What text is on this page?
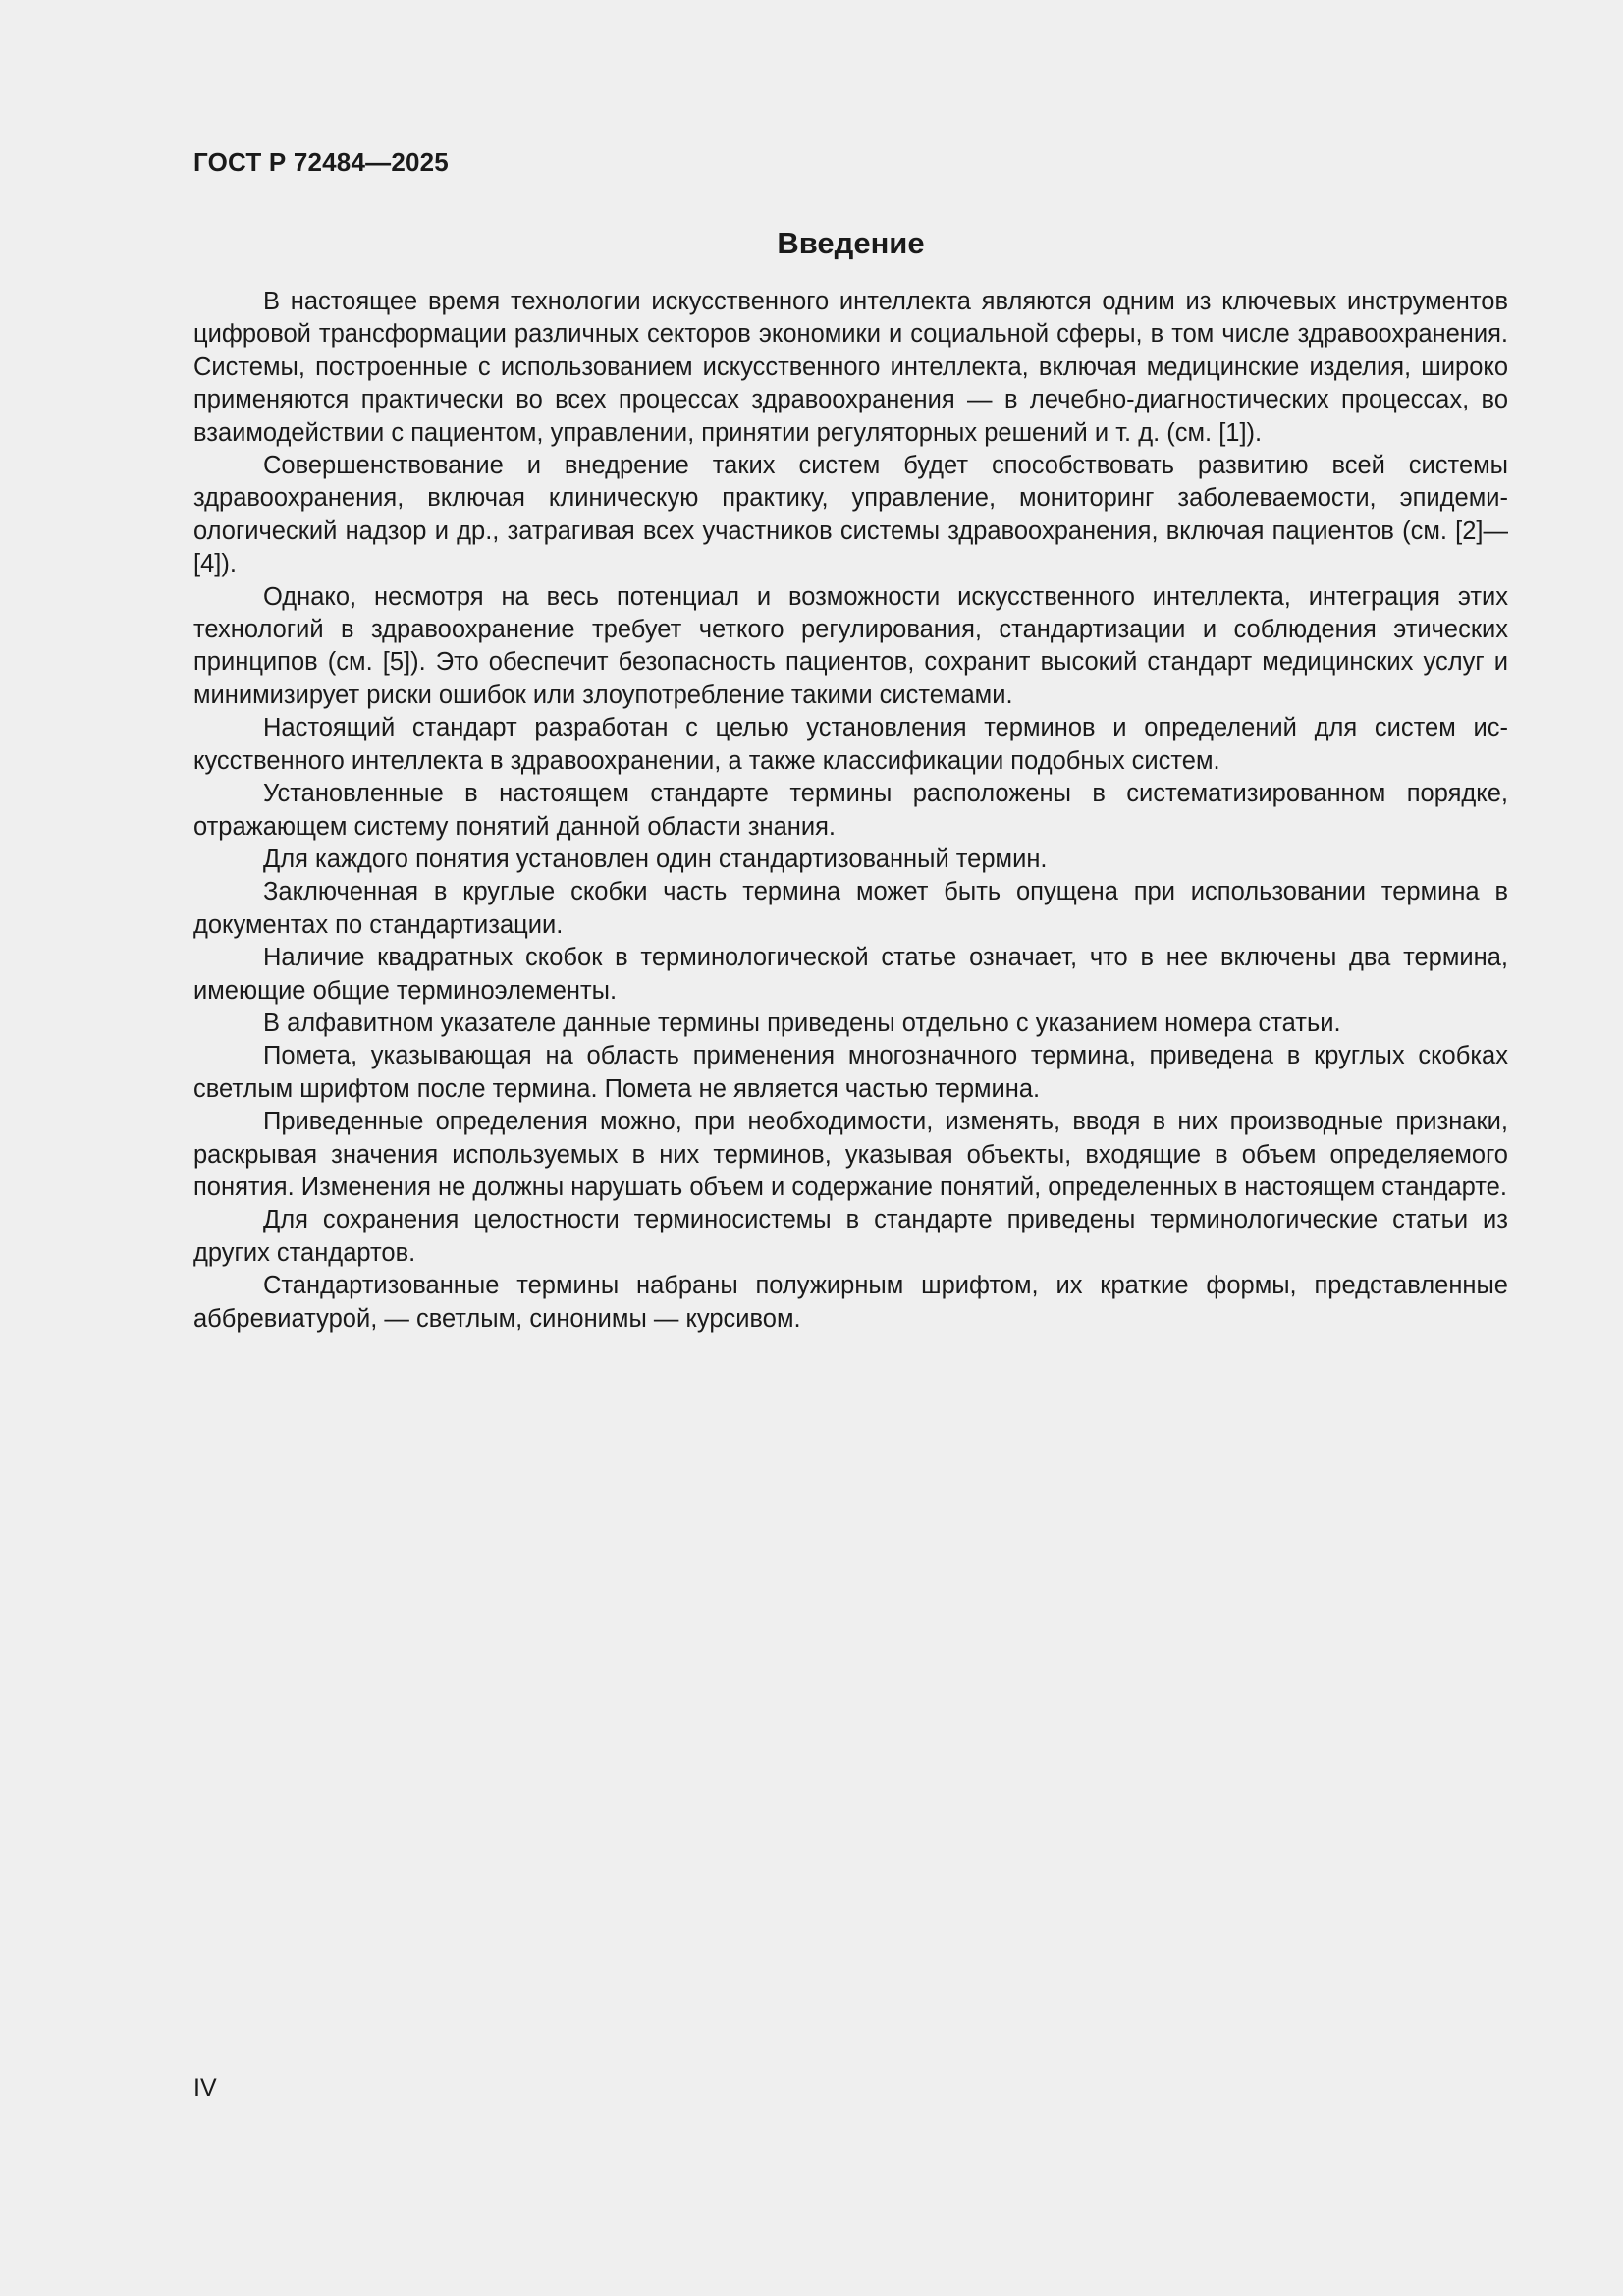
ГОСТ Р 72484—2025
Введение

В настоящее время технологии искусственного интеллекта являются одним из ключевых инструментов цифровой трансформации различных секторов экономики и социальной сферы, в том числе здравоохранения. Системы, построенные с использованием искусственного интеллекта, включая медицинские изделия, широко применяются практически во всех процессах здравоохранения — в лечебно-диагностических процессах, во взаимодействии с пациентом, управлении, принятии регуляторных решений и т. д. (см. [1]).

Совершенствование и внедрение таких систем будет способствовать развитию всей системы здравоохранения, включая клиническую практику, управление, мониторинг заболеваемости, эпидемиологический надзор и др., затрагивая всех участников системы здравоохранения, включая пациентов (см. [2]—[4]).

Однако, несмотря на весь потенциал и возможности искусственного интеллекта, интеграция этих технологий в здравоохранение требует четкого регулирования, стандартизации и соблюдения этических принципов (см. [5]). Это обеспечит безопасность пациентов, сохранит высокий стандарт медицинских услуг и минимизирует риски ошибок или злоупотребление такими системами.

Настоящий стандарт разработан с целью установления терминов и определений для систем искусственного интеллекта в здравоохранении, а также классификации подобных систем.

Установленные в настоящем стандарте термины расположены в систематизированном порядке, отражающем систему понятий данной области знания.

Для каждого понятия установлен один стандартизованный термин.

Заключенная в круглые скобки часть термина может быть опущена при использовании термина в документах по стандартизации.

Наличие квадратных скобок в терминологической статье означает, что в нее включены два термина, имеющие общие терминоэлементы.

В алфавитном указателе данные термины приведены отдельно с указанием номера статьи.

Помета, указывающая на область применения многозначного термина, приведена в круглых скобках светлым шрифтом после термина. Помета не является частью термина.

Приведенные определения можно, при необходимости, изменять, вводя в них производные признаки, раскрывая значения используемых в них терминов, указывая объекты, входящие в объем определяемого понятия. Изменения не должны нарушать объем и содержание понятий, определенных в настоящем стандарте.

Для сохранения целостности терминосистемы в стандарте приведены терминологические статьи из других стандартов.

Стандартизованные термины набраны полужирным шрифтом, их краткие формы, представленные аббревиатурой, — светлым, синонимы — курсивом.

IV
